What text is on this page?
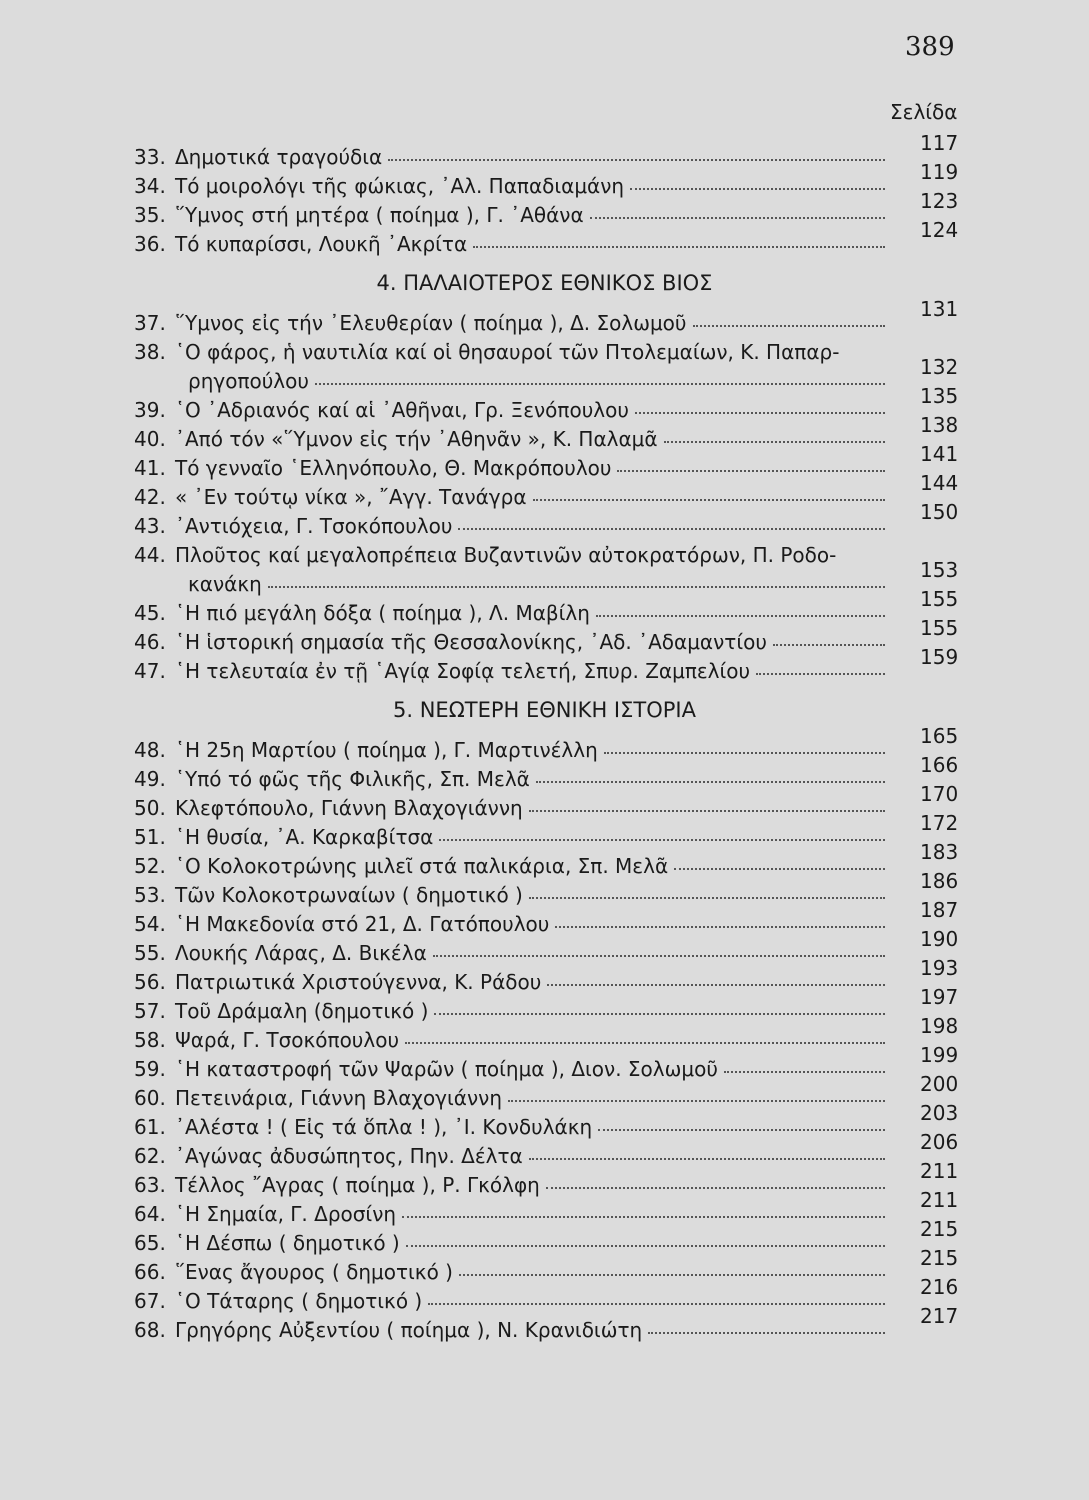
389
Σελίδα
33. Δημοτικά τραγούδια
117
34. Τό μοιρολόγι τῆς φώκιας, ᾽Αλ. Παπαδιαμάνη
119
35. ῞Υμνος στή μητέρα ( ποίημα ), Γ. ᾽Αθάνα
123
36. Τό κυπαρίσσι, Λουκῆ ᾽Ακρίτα
124
4. ΠΑΛΑΙΟΤΕΡΟΣ ΕΘΝΙΚΟΣ ΒΙΟΣ
37. ῞Υμνος εἰς τήν ᾽Ελευθερίαν ( ποίημα ), Δ. Σολωμοῦ
131
38. ῾Ο φάρος, ἡ ναυτιλία καί οἱ θησαυροί τῶν Πτολεμαίων, Κ. Παπαρ-
ρηγοπούλου
132
39. ῾Ο ᾽Αδριανός καί αἱ ᾽Αθῆναι, Γρ. Ξενόπουλου
135
40. ᾽Από τόν «῞Υμνον εἰς τήν ᾽Αθηνᾶν », Κ. Παλαμᾶ
138
41. Τό γενναῖο ῾Ελληνόπουλο, Θ. Μακρόπουλου
141
42. « ᾽Εν τούτῳ νίκα », ῎Αγγ. Τανάγρα
144
43. ᾽Αντιόχεια, Γ. Τσοκόπουλου
150
44. Πλοῦτος καί μεγαλοπρέπεια Βυζαντινῶν αὐτοκρατόρων, Π. Ροδο-
κανάκη
153
45. ῾Η πιό μεγάλη δόξα ( ποίημα ), Λ. Μαβίλη
155
46. ῾Η ἱστορική σημασία τῆς Θεσσαλονίκης, ᾽Αδ. ᾽Αδαμαντίου
155
47. ῾Η τελευταία ἐν τῇ ῾Αγίᾳ Σοφίᾳ τελετή, Σπυρ. Ζαμπελίου
159
5. ΝΕΩΤΕΡΗ ΕΘΝΙΚΗ ΙΣΤΟΡΙΑ
48. ῾Η 25η Μαρτίου ( ποίημα ), Γ. Μαρτινέλλη
165
49. ῾Υπό τό φῶς τῆς Φιλικῆς, Σπ. Μελᾶ
166
50. Κλεφτόπουλο, Γιάννη Βλαχογιάννη
170
51. ῾Η θυσία, ᾽Α. Καρκαβίτσα
172
52. ῾Ο Κολοκοτρώνης μιλεῖ στά παλικάρια, Σπ. Μελᾶ
183
53. Τῶν Κολοκοτρωναίων ( δημοτικό )
186
54. ῾Η Μακεδονία στό 21, Δ. Γατόπουλου
187
55. Λουκής Λάρας, Δ. Βικέλα
190
56. Πατριωτικά Χριστούγεννα, Κ. Ράδου
193
57. Τοῦ Δράμαλη (δημοτικό )
197
58. Ψαρά, Γ. Τσοκόπουλου
198
59. ῾Η καταστροφή τῶν Ψαρῶν ( ποίημα ), Διον. Σολωμοῦ
199
60. Πετεινάρια, Γιάννη Βλαχογιάννη
200
61. ᾽Αλέστα ! ( Εἰς τά ὅπλα ! ), ᾽Ι. Κονδυλάκη
203
62. ᾽Αγώνας ἀδυσώπητος, Πην. Δέλτα
206
63. Τέλλος ῎Αγρας ( ποίημα ), Ρ. Γκόλφη
211
64. ῾Η Σημαία, Γ. Δροσίνη
211
65. ῾Η Δέσπω ( δημοτικό )
215
66. ῞Ενας ἄγουρος ( δημοτικό )
215
67. ῾Ο Τάταρης ( δημοτικό )
216
68. Γρηγόρης Αὐξεντίου ( ποίημα ), Ν. Κρανιδιώτη
217
